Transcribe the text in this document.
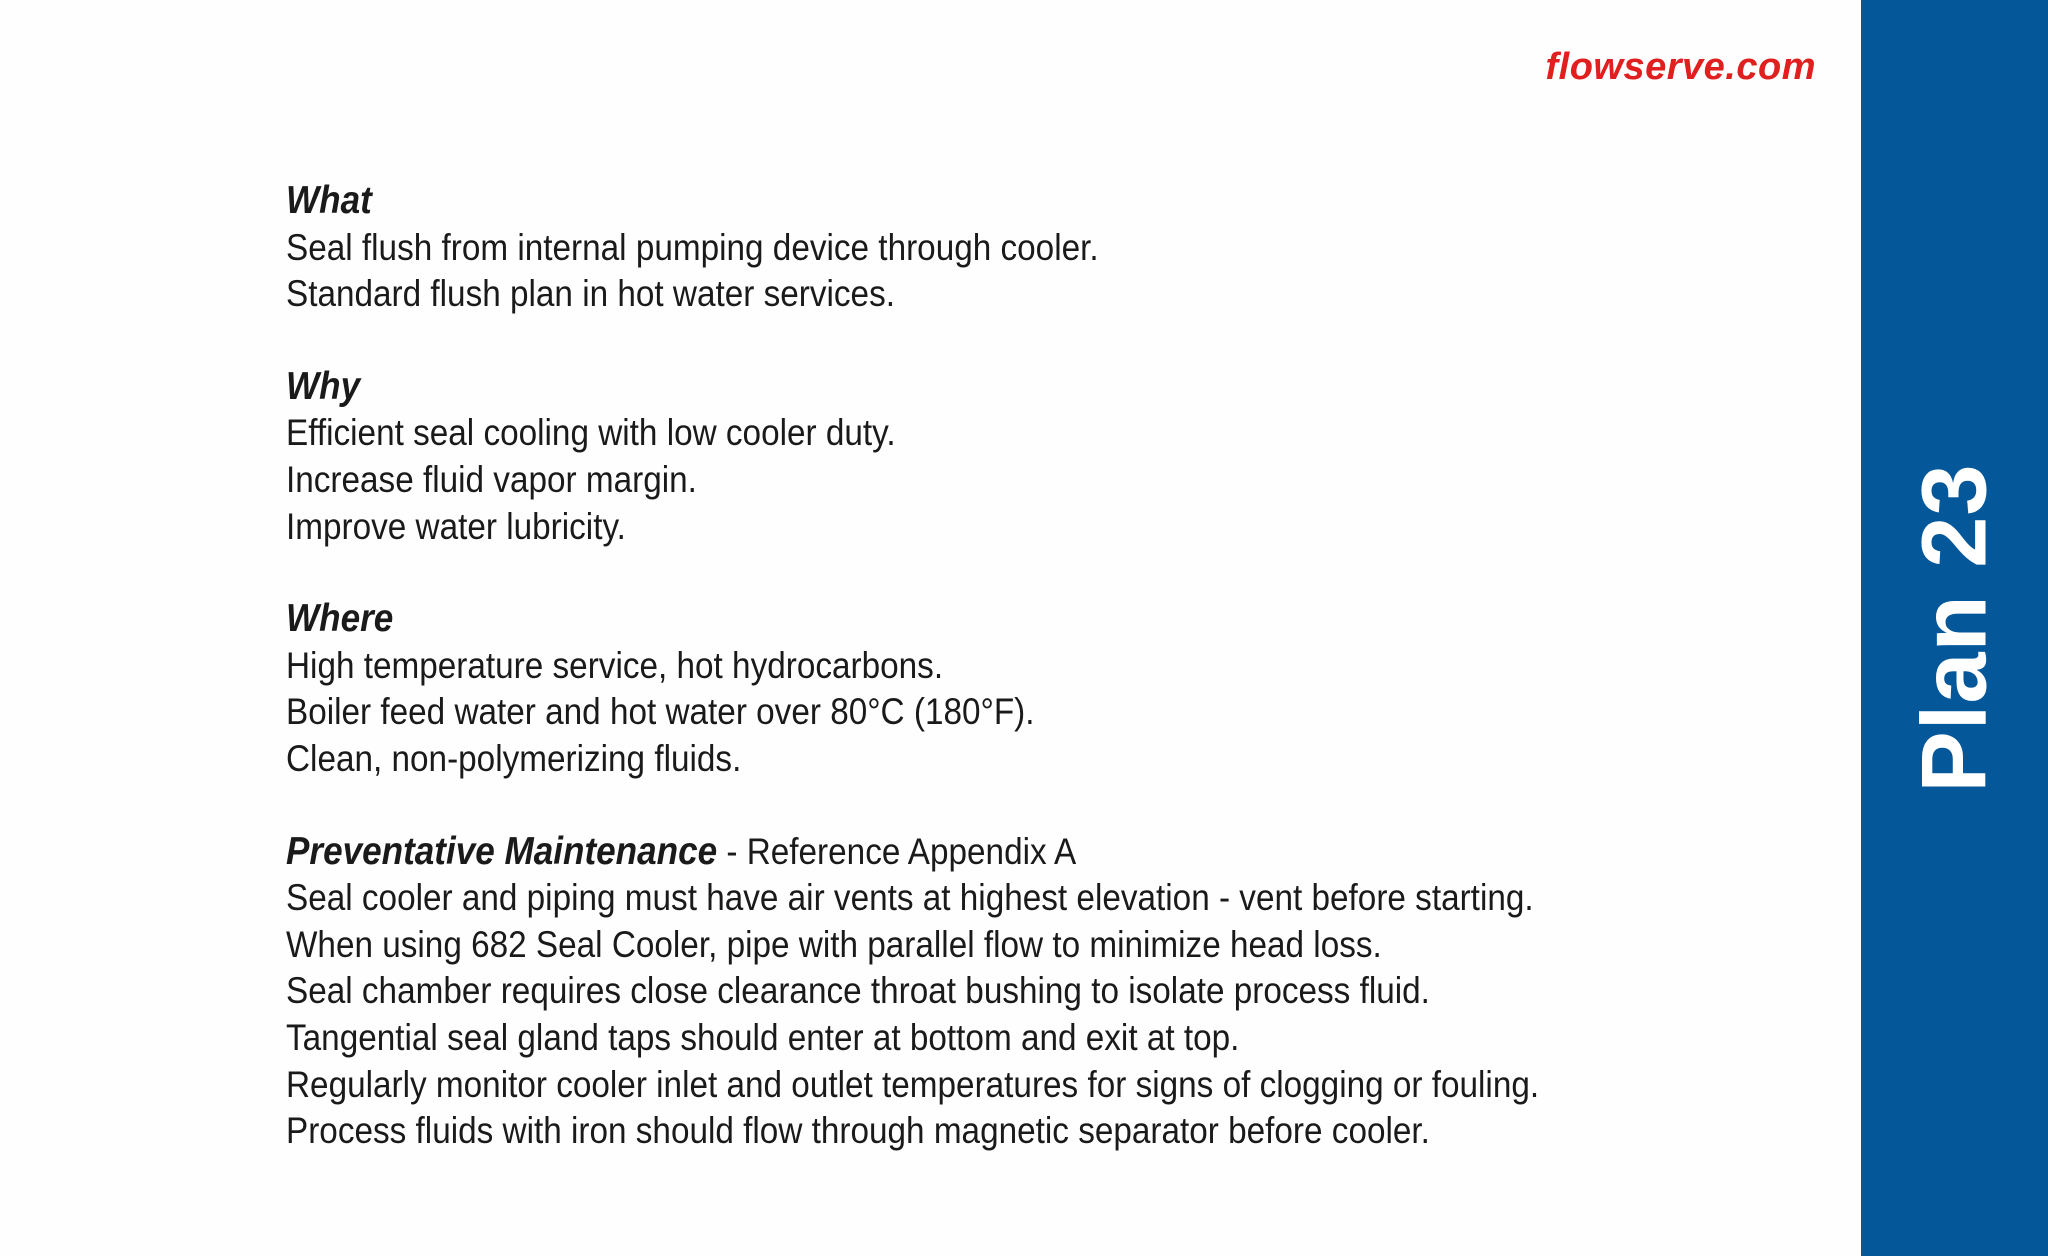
flowserve.com
Plan 23
What
Seal flush from internal pumping device through cooler.
Standard flush plan in hot water services.
Why
Efficient seal cooling with low cooler duty.
Increase fluid vapor margin.
Improve water lubricity.
Where
High temperature service, hot hydrocarbons.
Boiler feed water and hot water over 80°C (180°F).
Clean, non-polymerizing fluids.
Preventative Maintenance - Reference Appendix A
Seal cooler and piping must have air vents at highest elevation - vent before starting.
When using 682 Seal Cooler, pipe with parallel flow to minimize head loss.
Seal chamber requires close clearance throat bushing to isolate process fluid.
Tangential seal gland taps should enter at bottom and exit at top.
Regularly monitor cooler inlet and outlet temperatures for signs of clogging or fouling.
Process fluids with iron should flow through magnetic separator before cooler.
